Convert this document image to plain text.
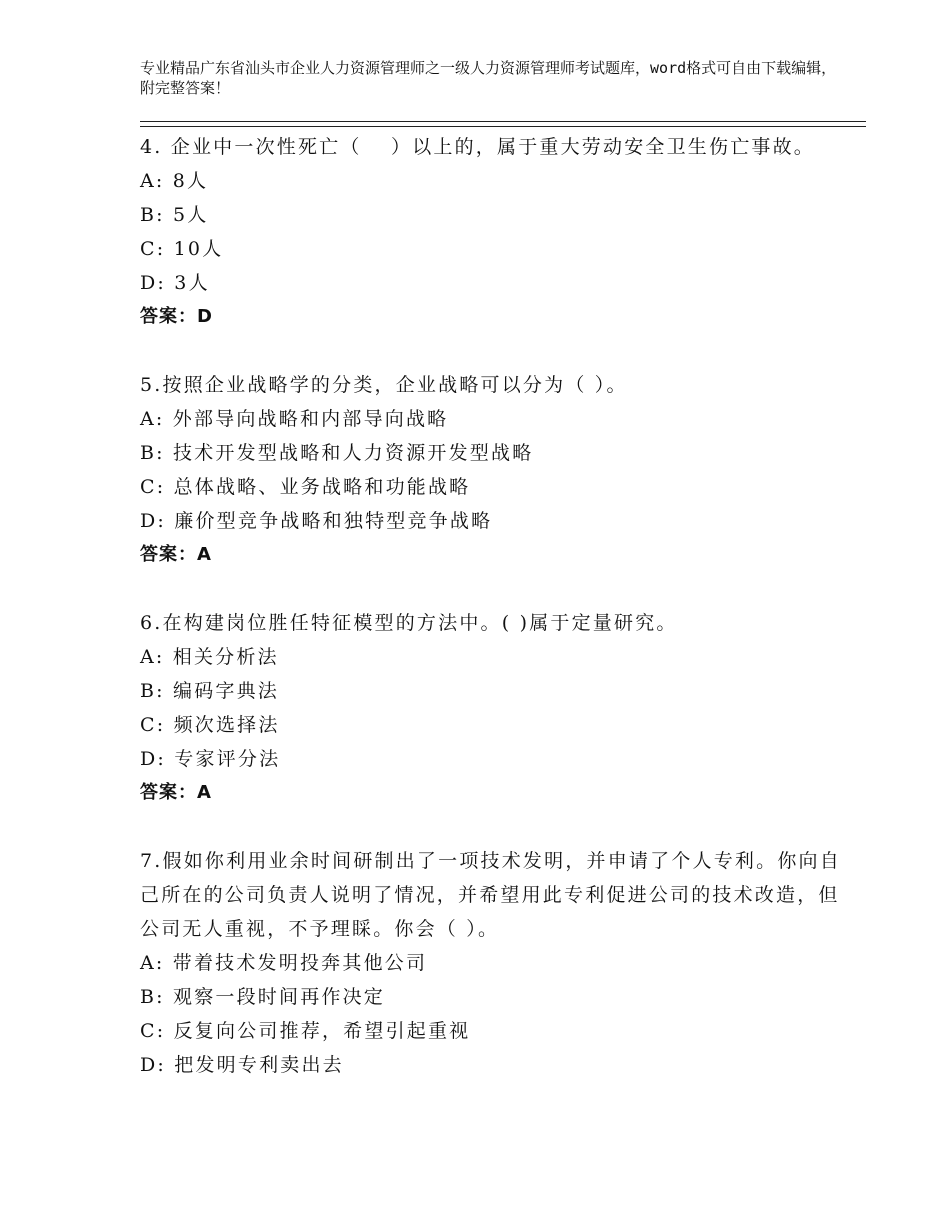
专业精品广东省汕头市企业人力资源管理师之一级人力资源管理师考试题库，word格式可自由下载编辑，附完整答案！

4. 企业中一次性死亡（　 ）以上的，属于重大劳动安全卫生伤亡事故。

A: 8人

B: 5人

C: 10人

D: 3人

答案：D

5.按照企业战略学的分类，企业战略可以分为（ ）。

A: 外部导向战略和内部导向战略

B: 技术开发型战略和人力资源开发型战略

C: 总体战略、业务战略和功能战略

D: 廉价型竞争战略和独特型竞争战略

答案：A

6.在构建岗位胜任特征模型的方法中。( )属于定量研究。

A: 相关分析法

B: 编码字典法

C: 频次选择法

D: 专家评分法

答案：A

7.假如你利用业余时间研制出了一项技术发明，并申请了个人专利。你向自己所在的公司负责人说明了情况，并希望用此专利促进公司的技术改造，但公司无人重视，不予理睬。你会（ ）。

A: 带着技术发明投奔其他公司

B: 观察一段时间再作决定

C: 反复向公司推荐，希望引起重视

D: 把发明专利卖出去
